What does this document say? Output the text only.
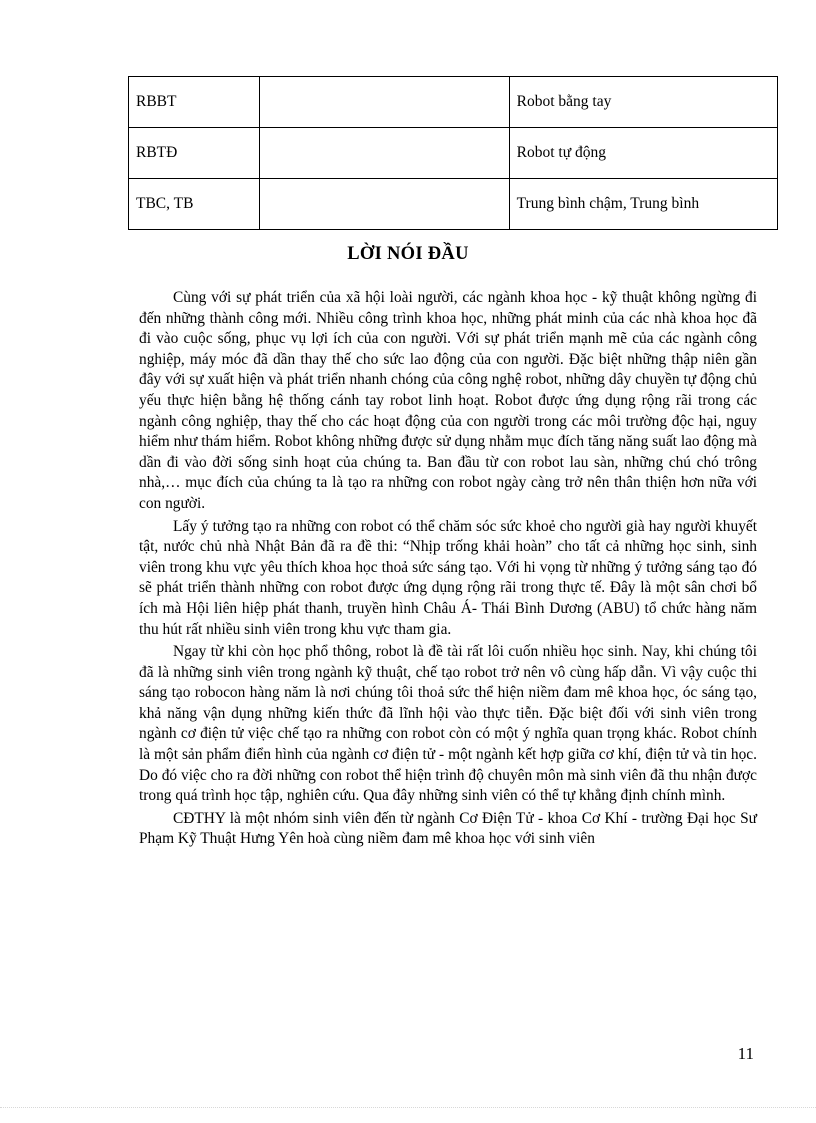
RBBT		Robot bằng tay
RBTĐ		Robot tự động
TBC, TB		Trung bình chậm, Trung bình
LỜI NÓI ĐẦU

Cùng với sự phát triển của xã hội loài người, các ngành khoa học - kỹ thuật không ngừng đi đến những thành công mới. Nhiều công trình khoa học, những phát minh của các nhà khoa học đã đi vào cuộc sống, phục vụ lợi ích của con người. Với sự phát triển mạnh mẽ của các ngành công nghiệp, máy móc đã dần thay thế cho sức lao động của con người. Đặc biệt những thập niên gần đây với sự xuất hiện và phát triển nhanh chóng của công nghệ robot, những dây chuyền tự động chủ yếu thực hiện bằng hệ thống cánh tay robot linh hoạt. Robot được ứng dụng rộng rãi trong các ngành công nghiệp, thay thế cho các hoạt động của con người trong các môi trường độc hại, nguy hiểm như thám hiểm. Robot không những được sử dụng nhằm mục đích tăng năng suất lao động mà dần đi vào đời sống sinh hoạt của chúng ta. Ban đầu từ con robot lau sàn, những chú chó trông nhà,… mục đích của chúng ta là tạo ra những con robot ngày càng trở nên thân thiện hơn nữa với con người.

Lấy ý tưởng tạo ra những con robot có thể chăm sóc sức khoẻ cho người già hay người khuyết tật, nước chủ nhà Nhật Bản đã ra đề thi: “Nhịp trống khải hoàn” cho tất cả những học sinh, sinh viên trong khu vực yêu thích khoa học thoả sức sáng tạo. Với hi vọng từ những ý tưởng sáng tạo đó sẽ phát triển thành những con robot được ứng dụng rộng rãi trong thực tế. Đây là một sân chơi bổ ích mà Hội liên hiệp phát thanh, truyền hình Châu Á- Thái Bình Dương (ABU) tổ chức hàng năm thu hút rất nhiều sinh viên trong khu vực tham gia.

Ngay từ khi còn học phổ thông, robot là đề tài rất lôi cuốn nhiều học sinh. Nay, khi chúng tôi đã là những sinh viên trong ngành kỹ thuật, chế tạo robot trở nên vô cùng hấp dẫn. Vì vậy cuộc thi sáng tạo robocon hàng năm là nơi chúng tôi thoả sức thể hiện niềm đam mê khoa học, óc sáng tạo, khả năng vận dụng những kiến thức đã lĩnh hội vào thực tiễn. Đặc biệt đối với sinh viên trong ngành cơ điện tử việc chế tạo ra những con robot còn có một ý nghĩa quan trọng khác. Robot chính là một sản phẩm điển hình của ngành cơ điện tử - một ngành kết hợp giữa cơ khí, điện tử và tin học. Do đó việc cho ra đời những con robot thể hiện trình độ chuyên môn mà sinh viên đã thu nhận được trong quá trình học tập, nghiên cứu. Qua đây những sinh viên có thể tự khẳng định chính mình.

CĐTHY là một nhóm sinh viên đến từ ngành Cơ Điện Tử - khoa Cơ Khí - trường Đại học Sư Phạm Kỹ Thuật Hưng Yên hoà cùng niềm đam mê khoa học với sinh viên

11
